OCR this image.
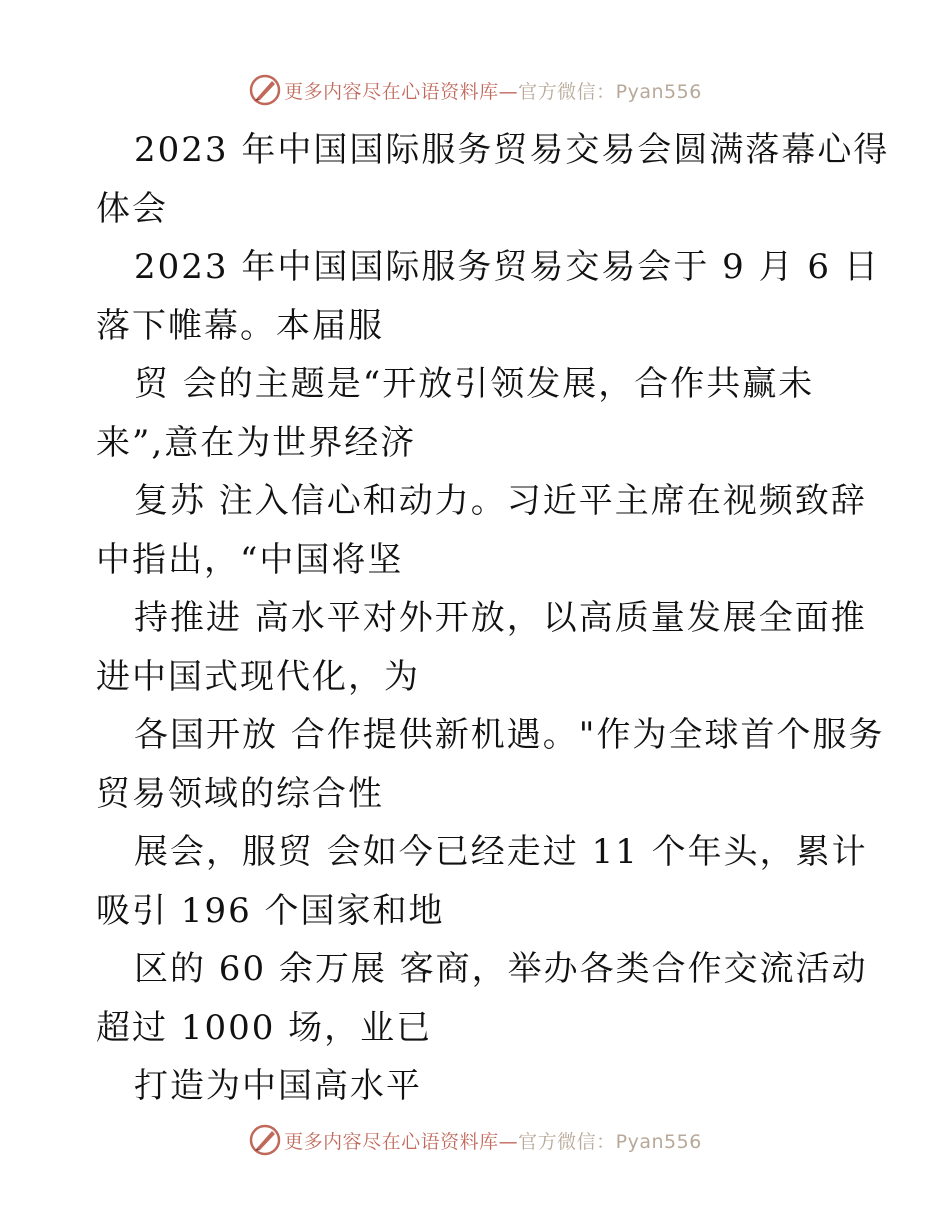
更多内容尽在心语资料库—官方微信：Pyan556
2023 年中国国际服务贸易交易会圆满落幕心得
体会
2023 年中国国际服务贸易交易会于 9 月 6 日
落下帷幕。本届服
贸 会的主题是“开放引领发展，合作共赢未
来”,意在为世界经济
复苏 注入信心和动力。习近平主席在视频致辞
中指出，“中国将坚
持推进 高水平对外开放，以高质量发展全面推
进中国式现代化，为
各国开放 合作提供新机遇。"作为全球首个服务
贸易领域的综合性
展会，服贸 会如今已经走过 11 个年头，累计
吸引 196 个国家和地
区的 60 余万展 客商，举办各类合作交流活动
超过 1000 场，业已
打造为中国高水平
更多内容尽在心语资料库—官方微信：Pyan556
